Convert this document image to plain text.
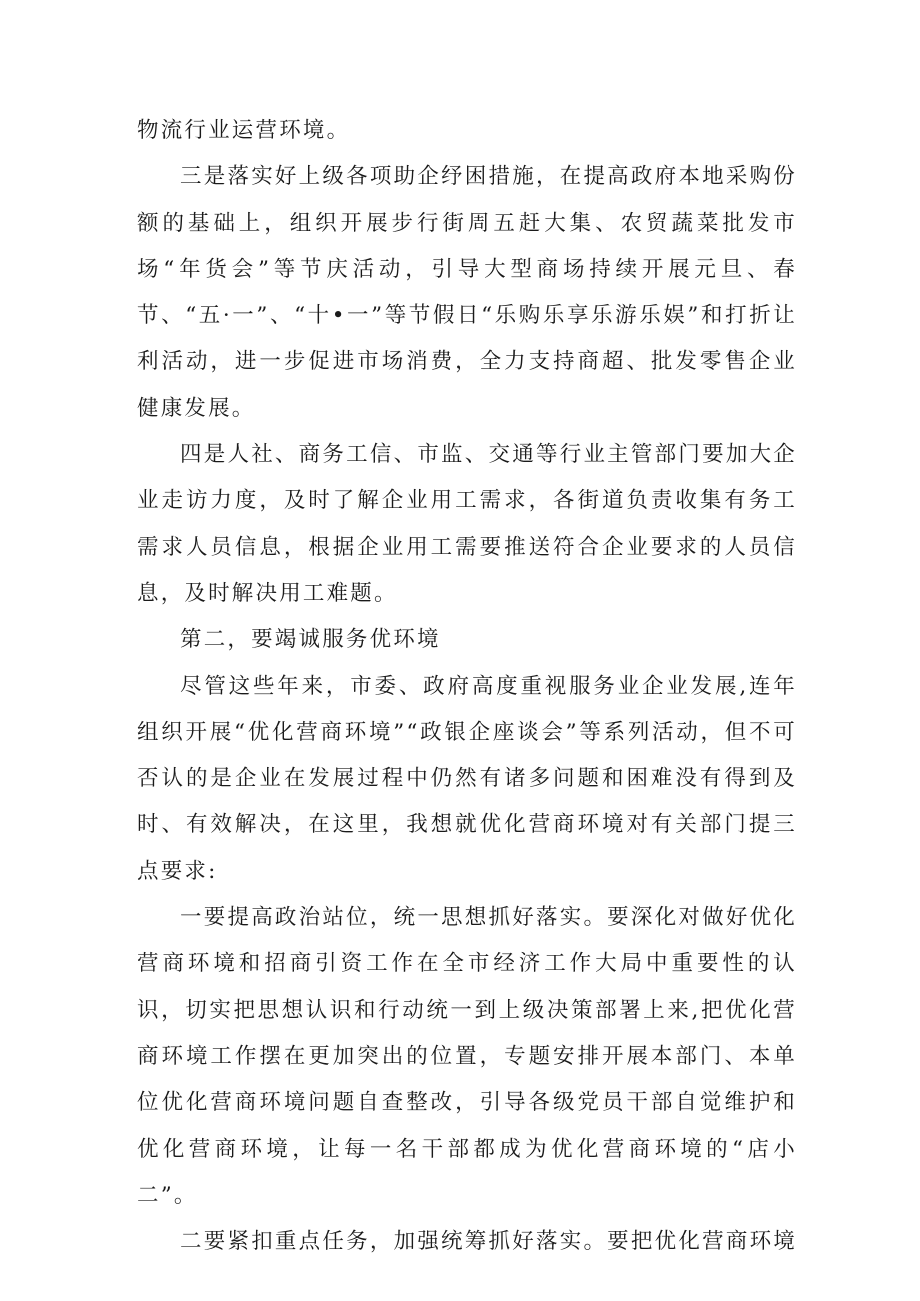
物流行业运营环境。

三是落实好上级各项助企纾困措施，在提高政府本地采购份额的基础上，组织开展步行街周五赶大集、农贸蔬菜批发市场“年货会”等节庆活动，引导大型商场持续开展元旦、春节、“五·一”、“十•一”等节假日“乐购乐享乐游乐娱”和打折让利活动，进一步促进市场消费，全力支持商超、批发零售企业健康发展。

四是人社、商务工信、市监、交通等行业主管部门要加大企业走访力度，及时了解企业用工需求，各街道负责收集有务工需求人员信息，根据企业用工需要推送符合企业要求的人员信息，及时解决用工难题。

第二，要竭诚服务优环境

尽管这些年来，市委、政府高度重视服务业企业发展,连年组织开展“优化营商环境”“政银企座谈会”等系列活动，但不可否认的是企业在发展过程中仍然有诸多问题和困难没有得到及时、有效解决，在这里，我想就优化营商环境对有关部门提三点要求:

一要提高政治站位，统一思想抓好落实。要深化对做好优化营商环境和招商引资工作在全市经济工作大局中重要性的认识，切实把思想认识和行动统一到上级决策部署上来,把优化营商环境工作摆在更加突出的位置，专题安排开展本部门、本单位优化营商环境问题自查整改，引导各级党员干部自觉维护和优化营商环境，让每一名干部都成为优化营商环境的“店小二”。

二要紧扣重点任务，加强统筹抓好落实。要把优化营商环境
